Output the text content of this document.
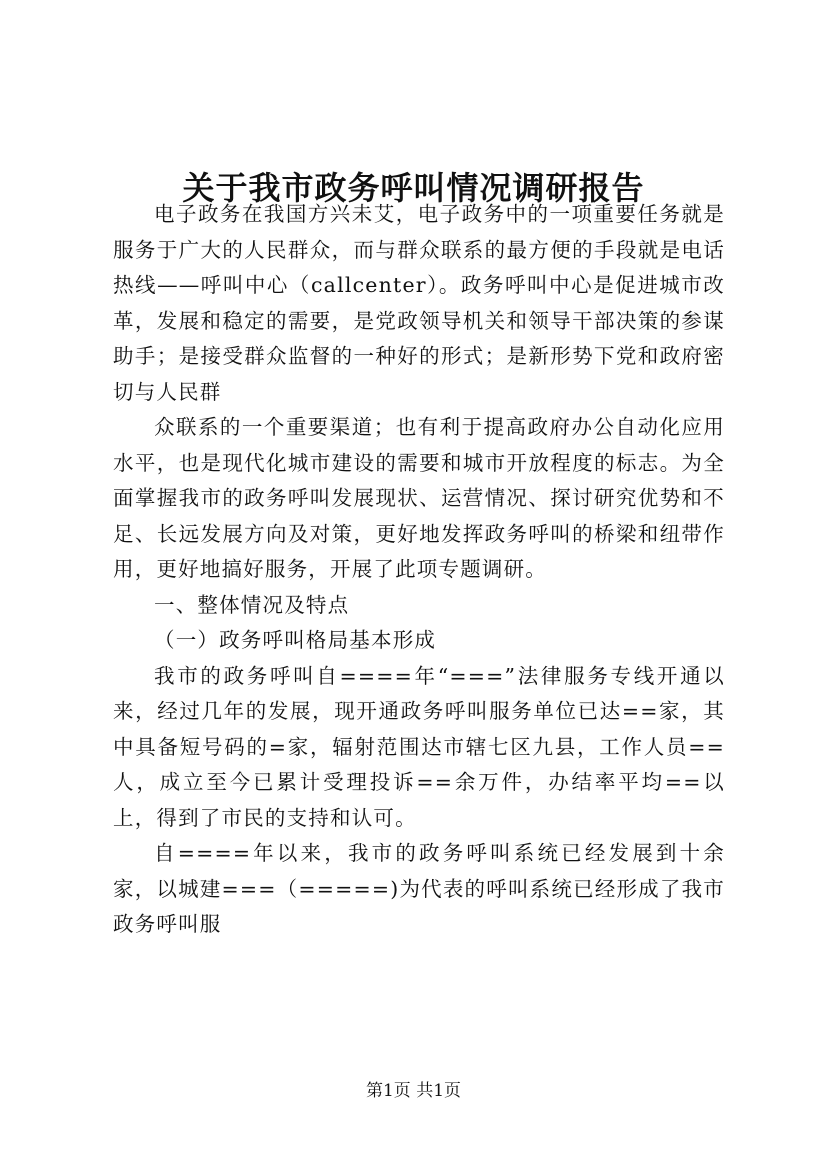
关于我市政务呼叫情况调研报告

电子政务在我国方兴未艾，电子政务中的一项重要任务就是服务于广大的人民群众，而与群众联系的最方便的手段就是电话热线——呼叫中心（callcenter）。政务呼叫中心是促进城市改革，发展和稳定的需要，是党政领导机关和领导干部决策的参谋助手；是接受群众监督的一种好的形式；是新形势下党和政府密切与人民群

众联系的一个重要渠道；也有利于提高政府办公自动化应用水平，也是现代化城市建设的需要和城市开放程度的标志。为全面掌握我市的政务呼叫发展现状、运营情况、探讨研究优势和不足、长远发展方向及对策，更好地发挥政务呼叫的桥梁和纽带作用，更好地搞好服务，开展了此项专题调研。

一、整体情况及特点

（一）政务呼叫格局基本形成

我市的政务呼叫自====年“===”法律服务专线开通以来，经过几年的发展，现开通政务呼叫服务单位已达==家，其中具备短号码的=家，辐射范围达市辖七区九县，工作人员==人，成立至今已累计受理投诉==余万件，办结率平均==以上，得到了市民的支持和认可。

自====年以来，我市的政务呼叫系统已经发展到十余家，以城建===（=====)为代表的呼叫系统已经形成了我市政务呼叫服

第1页 共1页
